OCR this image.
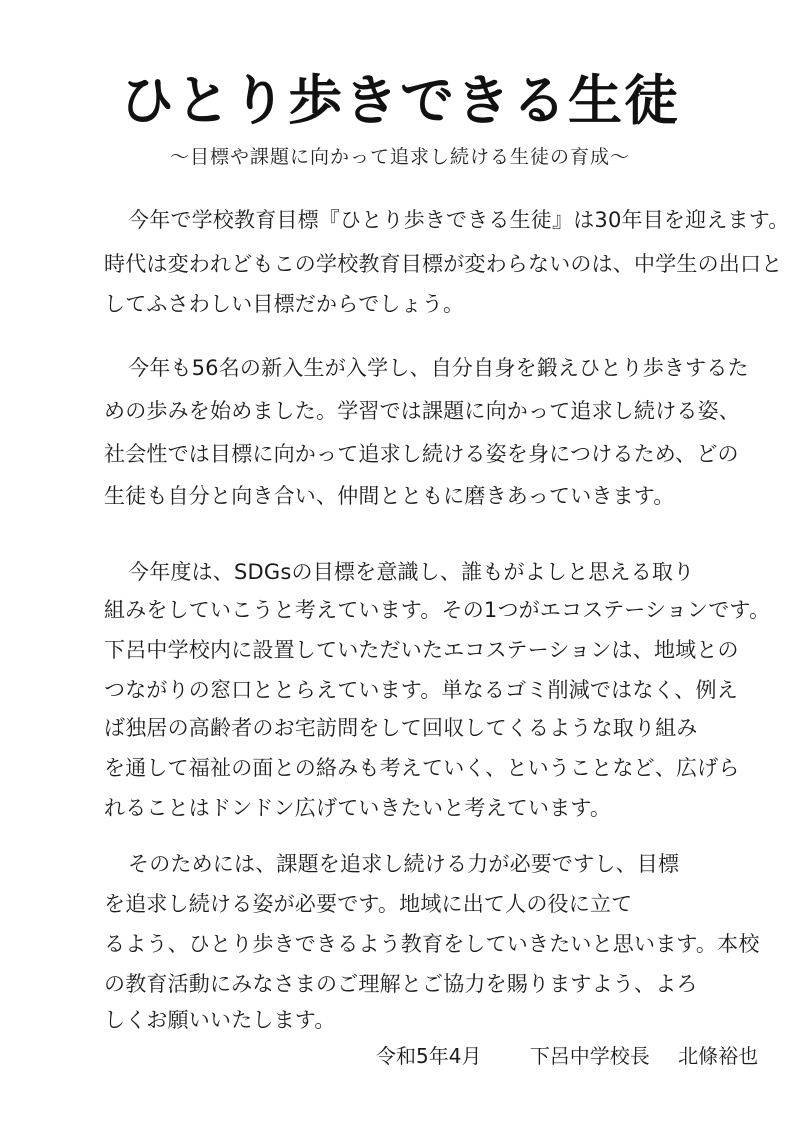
ひとり歩きできる生徒
〜目標や課題に向かって追求し続ける生徒の育成〜
今年で学校教育目標『ひとり歩きできる生徒』は30年目を迎えます。
時代は変われどもこの学校教育目標が変わらないのは、中学生の出口と
してふさわしい目標だからでしょう。
今年も56名の新入生が入学し、自分自身を鍛えひとり歩きするた
めの歩みを始めました。学習では課題に向かって追求し続ける姿、
社会性では目標に向かって追求し続ける姿を身につけるため、どの
生徒も自分と向き合い、仲間とともに磨きあっていきます。
今年度は、SDGsの目標を意識し、誰もがよしと思える取り
組みをしていこうと考えています。その1つがエコステーションです。
下呂中学校内に設置していただいたエコステーションは、地域との
つながりの窓口ととらえています。単なるゴミ削減ではなく、例え
ば独居の高齢者のお宅訪問をして回収してくるような取り組み
を通して福祉の面との絡みも考えていく、ということなど、広げら
れることはドンドン広げていきたいと考えています。
そのためには、課題を追求し続ける力が必要ですし、目標
を追求し続ける姿が必要です。地域に出て人の役に立て
るよう、ひとり歩きできるよう教育をしていきたいと思います。本校
の教育活動にみなさまのご理解とご協力を賜りますよう、よろ
しくお願いいたします。
令和5年4月 下呂中学校長 北條裕也
